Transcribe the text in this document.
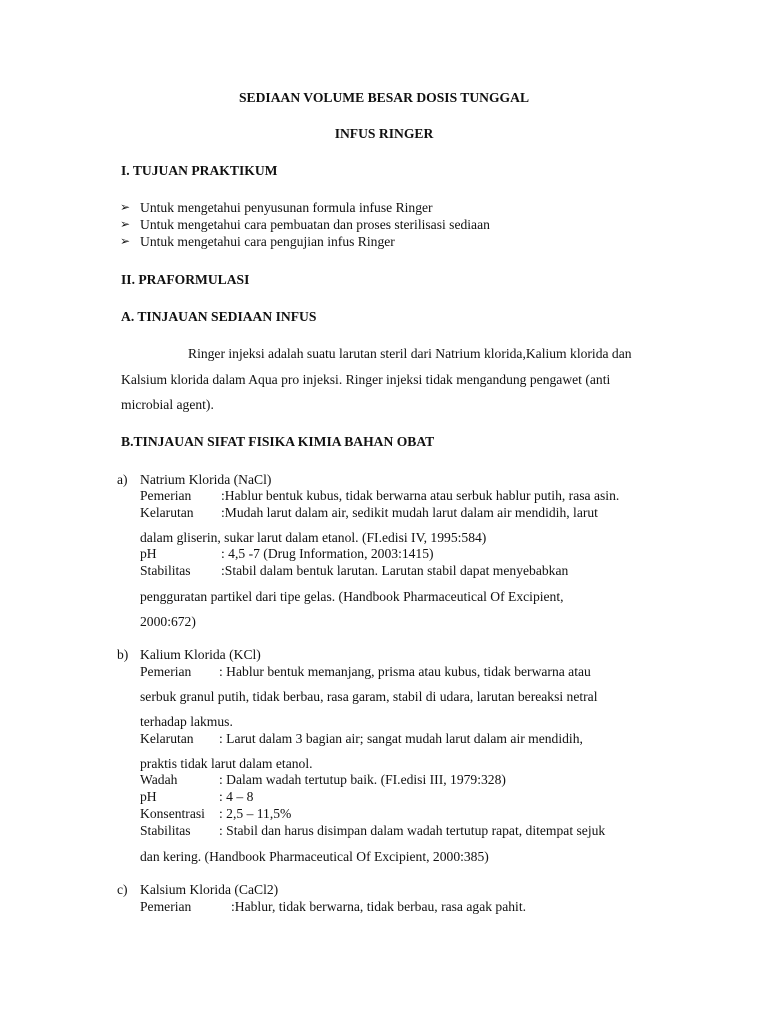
SEDIAAN VOLUME BESAR DOSIS TUNGGAL
INFUS RINGER
I. TUJUAN PRAKTIKUM
➢ Untuk mengetahui penyusunan formula infuse Ringer
➢ Untuk mengetahui cara pembuatan dan proses sterilisasi sediaan
➢ Untuk mengetahui cara pengujian infus Ringer
II. PRAFORMULASI
A. TINJAUAN SEDIAAN INFUS
Ringer injeksi adalah suatu larutan steril dari Natrium klorida,Kalium klorida dan
Kalsium klorida dalam Aqua pro injeksi. Ringer injeksi tidak mengandung pengawet (anti
microbial agent).
B.TINJAUAN SIFAT FISIKA KIMIA BAHAN OBAT
a) Natrium Klorida (NaCl)
Pemerian :Hablur bentuk kubus, tidak berwarna atau serbuk hablur putih, rasa asin.
Kelarutan :Mudah larut dalam air, sedikit mudah larut dalam air mendidih, larut
dalam gliserin, sukar larut dalam etanol. (FI.edisi IV, 1995:584)
pH	: 4,5 -7 (Drug Information, 2003:1415)
Stabilitas :Stabil dalam bentuk larutan. Larutan stabil dapat menyebabkan
pengguratan partikel dari tipe gelas. (Handbook Pharmaceutical Of Excipient,
2000:672)
b) Kalium Klorida (KCl)
Pemerian : Hablur bentuk memanjang, prisma atau kubus, tidak berwarna atau
serbuk granul putih, tidak berbau, rasa garam, stabil di udara, larutan bereaksi netral
terhadap lakmus.
Kelarutan : Larut dalam 3 bagian air; sangat mudah larut dalam air mendidih,
praktis tidak larut dalam etanol.
Wadah	: Dalam wadah tertutup baik. (FI.edisi III, 1979:328)
pH	: 4 – 8
Konsentrasi : 2,5 – 11,5%
Stabilitas : Stabil dan harus disimpan dalam wadah tertutup rapat, ditempat sejuk
dan kering. (Handbook Pharmaceutical Of Excipient, 2000:385)
c) Kalsium Klorida (CaCl2)
Pemerian	:Hablur, tidak berwarna, tidak berbau, rasa agak pahit.
